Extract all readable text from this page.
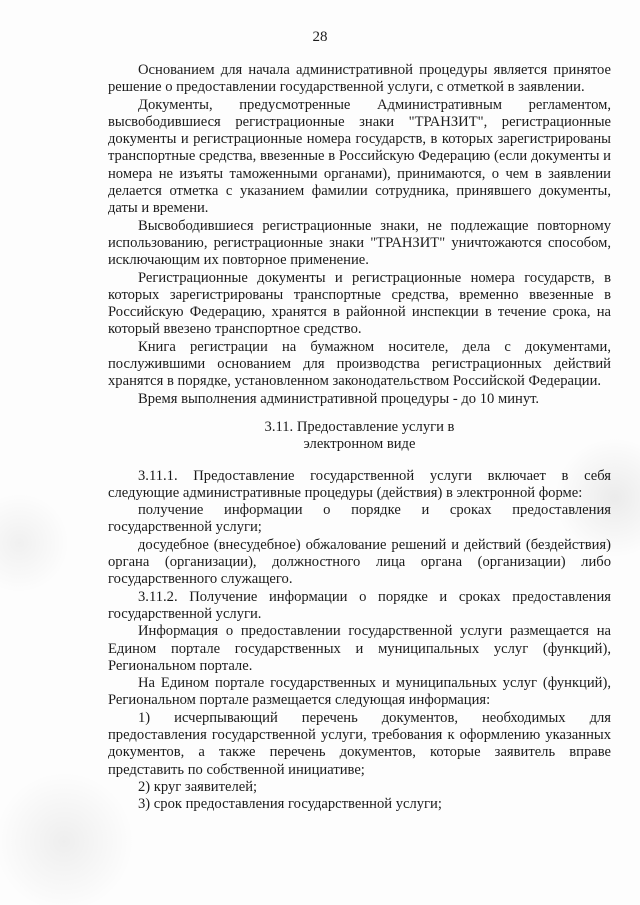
28

Основанием для начала административной процедуры является принятое решение о предоставлении государственной услуги, с отметкой в заявлении.

Документы, предусмотренные Административным регламентом, высвободившиеся регистрационные знаки "ТРАНЗИТ", регистрационные документы и регистрационные номера государств, в которых зарегистрированы транспортные средства, ввезенные в Российскую Федерацию (если документы и номера не изъяты таможенными органами), принимаются, о чем в заявлении делается отметка с указанием фамилии сотрудника, принявшего документы, даты и времени.

Высвободившиеся регистрационные знаки, не подлежащие повторному использованию, регистрационные знаки "ТРАНЗИТ" уничтожаются способом, исключающим их повторное применение.

Регистрационные документы и регистрационные номера государств, в которых зарегистрированы транспортные средства, временно ввезенные в Российскую Федерацию, хранятся в районной инспекции в течение срока, на который ввезено транспортное средство.

Книга регистрации на бумажном носителе, дела с документами, послужившими основанием для производства регистрационных действий хранятся в порядке, установленном законодательством Российской Федерации.

Время выполнения административной процедуры - до 10 минут.

3.11. Предоставление услуги в
электронном виде

3.11.1. Предоставление государственной услуги включает в себя следующие административные процедуры (действия) в электронной форме:

получение информации о порядке и сроках предоставления государственной услуги;

досудебное (внесудебное) обжалование решений и действий (бездействия) органа (организации), должностного лица органа (организации) либо государственного служащего.

3.11.2. Получение информации о порядке и сроках предоставления государственной услуги.

Информация о предоставлении государственной услуги размещается на Едином портале государственных и муниципальных услуг (функций), Региональном портале.

На Едином портале государственных и муниципальных услуг (функций), Региональном портале размещается следующая информация:

1) исчерпывающий перечень документов, необходимых для предоставления государственной услуги, требования к оформлению указанных документов, а также перечень документов, которые заявитель вправе представить по собственной инициативе;

2) круг заявителей;

3) срок предоставления государственной услуги;
